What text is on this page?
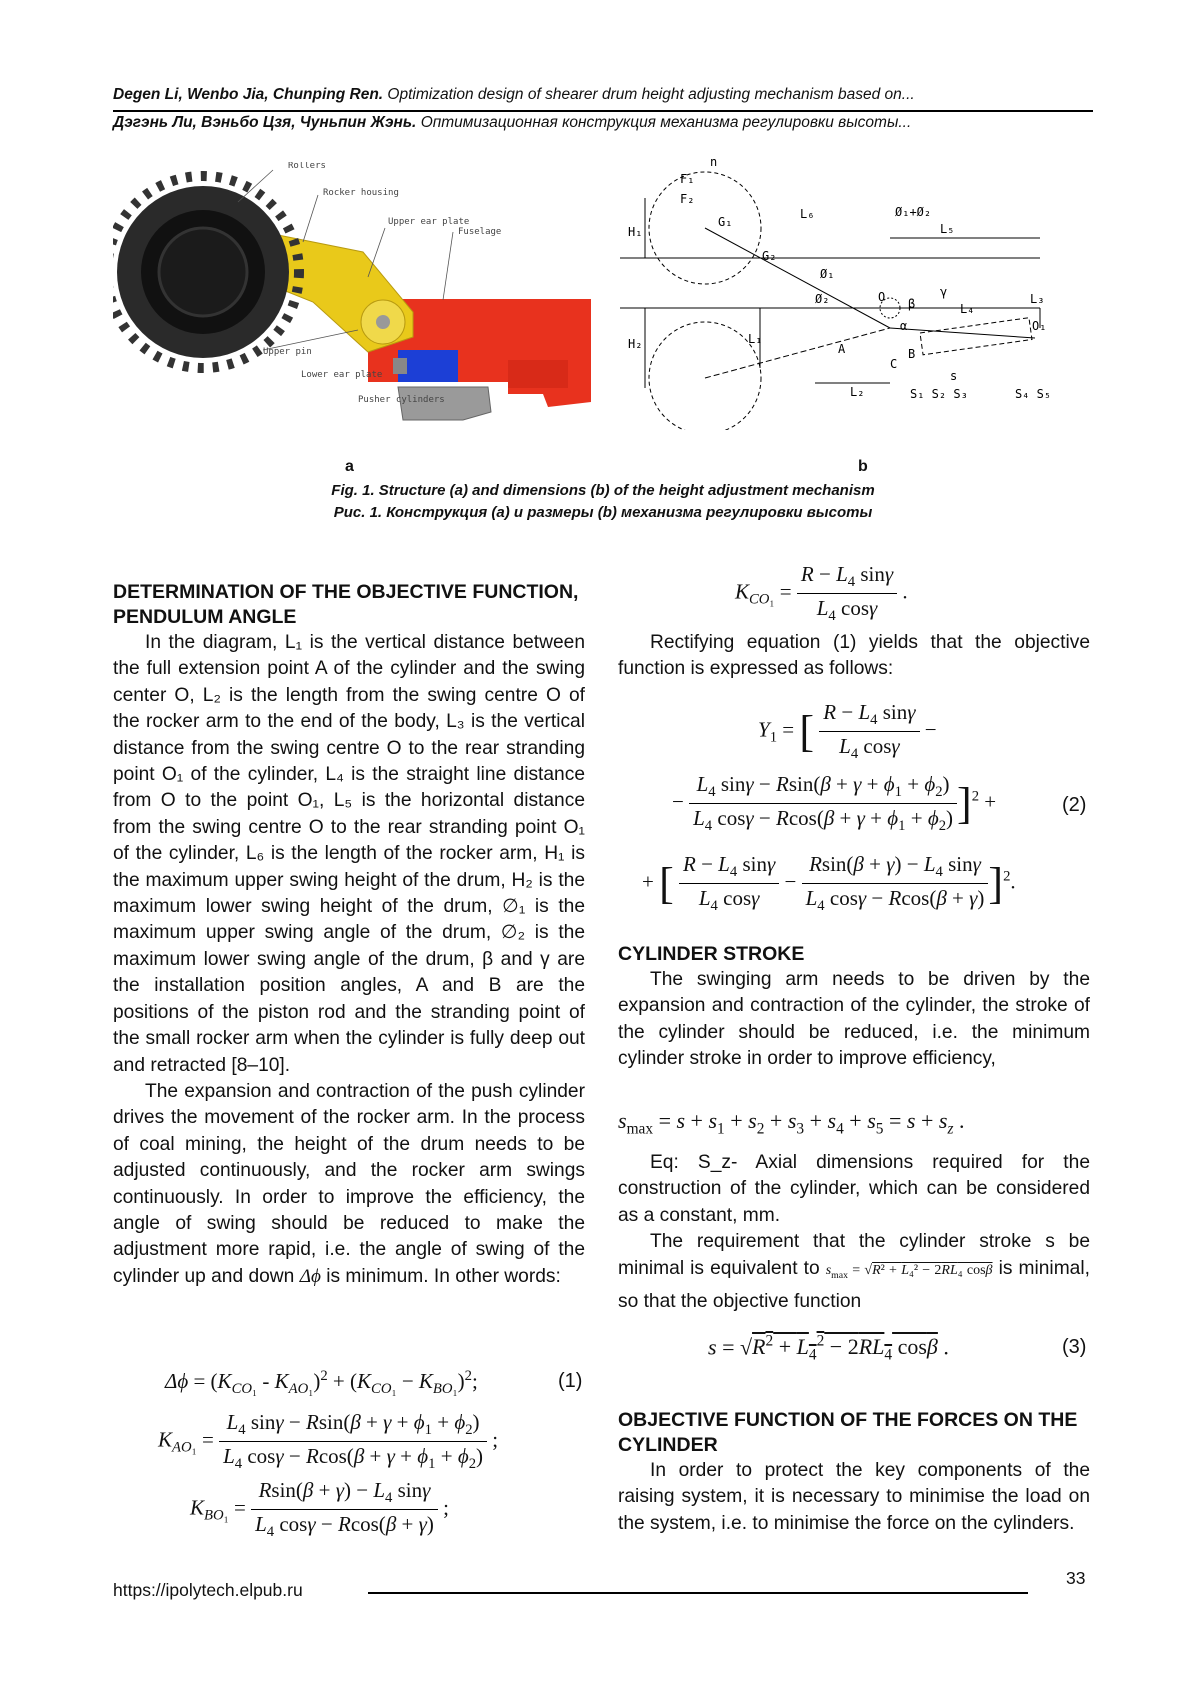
Degen Li, Wenbo Jia, Chunping Ren. Optimization design of shearer drum height adjusting mechanism based on...
Дэгэнь Ли, Вэньбо Цзя, Чуньпин Жэнь. Оптимизационная конструкция механизма регулировки высоты...
Rollers
Rocker housing
Upper ear plate
Fuselage
Upper pin
Lower ear plate
Pusher cylinders
H₁
H₂	L₁
L₂
L₃
L₄
L₅
L₆	Ø₁+Ø₂
Ø₁
Ø₂	O
O₁
A	B
C
β
γ
α
n
F₁
F₂
G₁
G₂
s
S₁ S₂ S₃	S₄ S₅
a	b
Fig. 1. Structure (a) and dimensions (b) of the height adjustment mechanism
Рис. 1. Конструкция (a) и размеры (b) механизма регулировки высоты
DETERMINATION OF THE OBJECTIVE FUNCTION, PENDULUM ANGLE

In the diagram, L₁ is the vertical distance between the full extension point A of the cylinder and the swing center O, L₂ is the length from the swing centre O of the rocker arm to the end of the body, L₃ is the vertical distance from the swing centre O to the rear stranding point O₁ of the cylinder, L₄ is the straight line distance from O to the point O₁, L₅ is the horizontal distance from the swing centre O to the rear stranding point O₁ of the cylinder, L₆ is the length of the rocker arm, H₁ is the maximum upper swing height of the drum, H₂ is the maximum lower swing height of the drum, ∅₁ is the maximum upper swing angle of the drum, ∅₂ is the maximum lower swing angle of the drum, β and γ are the installation position angles, A and B are the positions of the piston rod and the stranding point of the small rocker arm when the cylinder is fully deep out and retracted [8–10].

The expansion and contraction of the push cylinder drives the movement of the rocker arm. In the process of coal mining, the height of the drum needs to be adjusted continuously, and the rocker arm swings continuously. In order to improve the efficiency, the angle of swing should be reduced to make the adjustment more rapid, i.e. the angle of swing of the cylinder up and down Δϕ is minimum. In other words:

$\Delta\phi = (K_{CO_1} - K_{AO_1})^2 + (K_{CO_1} - K_{BO_1})^2$;	(1)
$K_{AO_1} = \frac{L_4 \sin\gamma - Rsin(\beta + \gamma + \phi_1 + \phi_2)}{L_4 \cos\gamma - Rcos(\beta + \gamma + \phi_1 + \phi_2)}$ ;
$K_{BO_1} = \frac{Rsin(\beta + \gamma) - L_4 \sin\gamma}{L_4 \cos\gamma - Rcos(\beta + \gamma)}$ ;
$K_{CO_1} = \frac{R - L_4 \sin\gamma}{L_4 \cos\gamma}$ .

Rectifying equation (1) yields that the objective function is expressed as follows:

$Y_1$ = [ $\frac{R - L_4 \sin\gamma}{L_4 \cos\gamma}$ −
− $\frac{L_4 \sin\gamma - Rsin(\beta + \gamma + \phi_1 + \phi_2)}{L_4 \cos\gamma - Rcos(\beta + \gamma + \phi_1 + \phi_2)} ]^2$ +	(2)
+ [ $\frac{R - L_4 \sin\gamma}{L_4 \cos\gamma} - \frac{Rsin(\beta + \gamma) - L_4 \sin\gamma}{L_4 \cos\gamma - Rcos(\beta + \gamma)} ]^2$.
CYLINDER STROKE

The swinging arm needs to be driven by the expansion and contraction of the cylinder, the stroke of the cylinder should be reduced, i.e. the minimum cylinder stroke in order to improve efficiency,

$s_{max} = s + s_1 + s_2 + s_3 + s_4 + s_5 = s + s_z$ .

Eq: S_z- Axial dimensions required for the construction of the cylinder, which can be considered as a constant, mm.

The requirement that the cylinder stroke s be minimal is equivalent to $s_{max} = √R^2 + L_4^2 - 2RL_4$ cosβ is minimal, so that the objective function

$s = √R^2 + L_4^2 - 2RL_4$ cosβ .	(3)
OBJECTIVE FUNCTION OF THE FORCES ON THE CYLINDER

In order to protect the key components of the raising system, it is necessary to minimise the load on the system, i.e. to minimise the force on the cylinders.

https://ipolytech.elpub.ru
33
